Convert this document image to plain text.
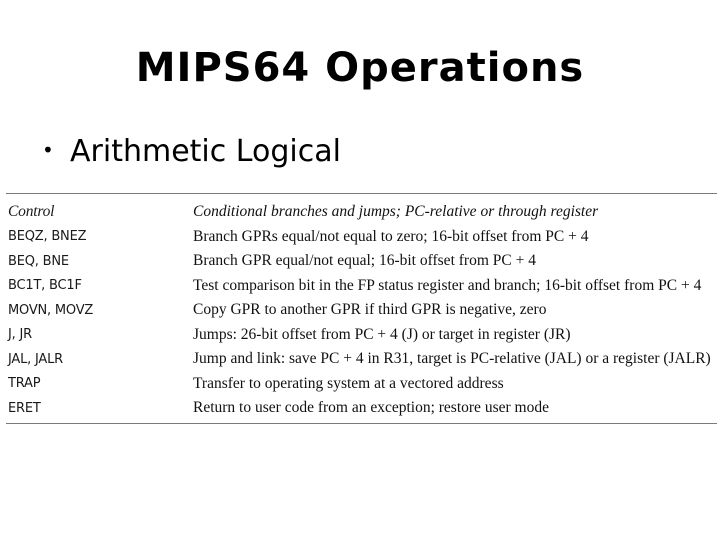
MIPS64 Operations
• Arithmetic Logical
Control	Conditional branches and jumps; PC-relative or through register
BEQZ, BNEZ	Branch GPRs equal/not equal to zero; 16-bit offset from PC + 4
BEQ, BNE	Branch GPR equal/not equal; 16-bit offset from PC + 4
BC1T, BC1F	Test comparison bit in the FP status register and branch; 16-bit offset from PC + 4
MOVN, MOVZ	Copy GPR to another GPR if third GPR is negative, zero
J, JR	Jumps: 26-bit offset from PC + 4 (J) or target in register (JR)
JAL, JALR	Jump and link: save PC + 4 in R31, target is PC-relative (JAL) or a register (JALR)
TRAP	Transfer to operating system at a vectored address
ERET	Return to user code from an exception; restore user mode
